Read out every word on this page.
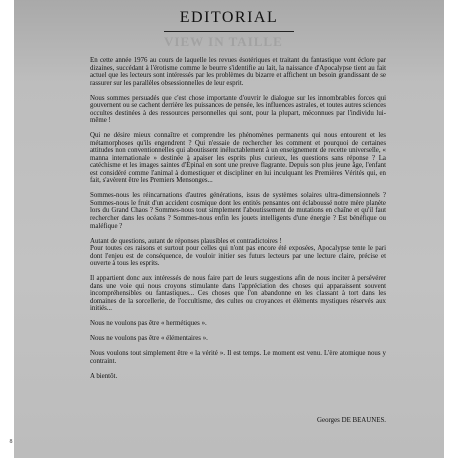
VIEW IN TAILLE
EDITORIAL

En cette année 1976 au cours de laquelle les revues ésotériques et traitant du fantastique vont éclore par dizaines, succédant à l'érotisme comme le beurre s'identifie au lait, la naissance d'Apocalypse tient au fait actuel que les lecteurs sont intéressés par les problèmes du bizarre et affichent un besoin grandissant de se rassurer sur les parallèles obsessionnelles de leur esprit.

Nous sommes persuadés que c'est chose importante d'ouvrir le dialogue sur les innombrables forces qui gouvernent ou se cachent derrière les puissances de pensée, les influences astrales, et toutes autres sciences occultes destinées à des ressources personnelles qui sont, pour la plupart, méconnues par l'individu lui-même !

Qui ne désire mieux connaître et comprendre les phénomènes permanents qui nous entourent et les métamorphoses qu'ils engendrent ? Qui n'essaie de rechercher les comment et pourquoi de certaines attitudes non conventionnelles qui aboutissent inéluctablement à un enseignement de recette universelle, « manna internationale » destinée à apaiser les esprits plus curieux, les questions sans réponse ? La catéchisme et les images saintes d'Épinal en sont une preuve flagrante. Depuis son plus jeune âge, l'enfant est considéré comme l'animal à domestiquer et discipliner en lui inculquant les Premières Vérités qui, en fait, s'avèrent être les Premiers Mensonges...

Sommes-nous les réincarnations d'autres générations, issus de systèmes solaires ultra-dimensionnels ? Sommes-nous le fruit d'un accident cosmique dont les entités pensantes ont éclaboussé notre mère planète lors du Grand Chaos ? Sommes-nous tout simplement l'aboutissement de mutations en chaîne et qu'il faut rechercher dans les océans ? Sommes-nous enfin les jouets intelligents d'une énergie ? Est bénéfique ou maléfique ?

Autant de questions, autant de réponses plausibles et contradictoires !
Pour toutes ces raisons et surtout pour celles qui n'ont pas encore été exposées, Apocalypse tente le pari dont l'enjeu est de conséquence, de vouloir initier ses futurs lecteurs par une lecture claire, précise et ouverte à tous les esprits.

Il appartient donc aux intéressés de nous faire part de leurs suggestions afin de nous inciter à persévérer dans une voie qui nous croyons stimulante dans l'appréciation des choses qui apparaissent souvent incompréhensibles ou fantastiques... Ces choses que l'on abandonne en les classant à tort dans les domaines de la sorcellerie, de l'occultisme, des cultes ou croyances et éléments mystiques réservés aux initiés...

Nous ne voulons pas être « hermétiques ».

Nous ne voulons pas être « élémentaires ».

Nous voulons tout simplement être « la vérité ». Il est temps. Le moment est venu. L'ère atomique nous y contraint.

A bientôt.

Georges DE BEAUNES.
8
